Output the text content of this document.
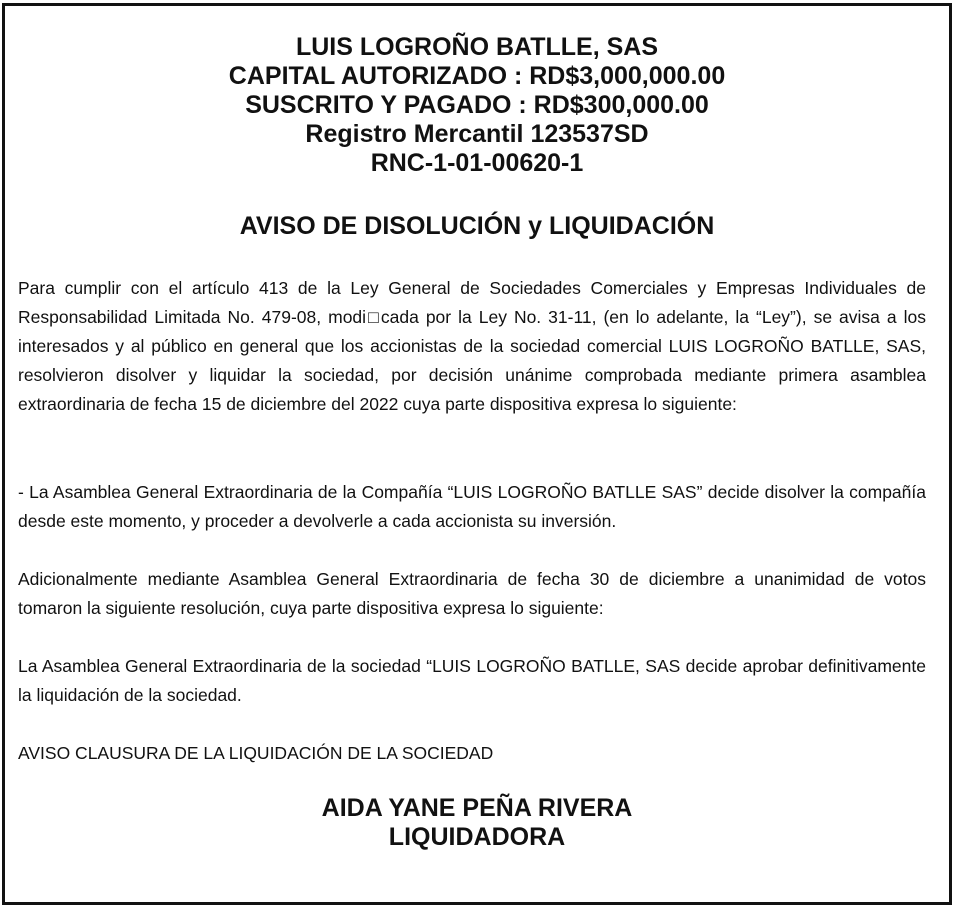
LUIS LOGROÑO BATLLE, SAS
CAPITAL AUTORIZADO : RD$3,000,000.00
SUSCRITO Y PAGADO : RD$300,000.00
Registro Mercantil 123537SD
RNC-1-01-00620-1
AVISO DE DISOLUCIÓN y LIQUIDACIÓN

Para cumplir con el artículo 413 de la Ley General de Sociedades Comerciales y Empresas Individuales de Responsabilidad Limitada No. 479-08, modi□cada por la Ley No. 31-11, (en lo adelante, la “Ley”), se avisa a los interesados y al público en general que los accionistas de la sociedad comercial LUIS LOGROÑO BATLLE, SAS, resolvieron disolver y liquidar la sociedad, por decisión unánime comprobada mediante primera asamblea extraordinaria de fecha 15 de diciembre del 2022 cuya parte dispositiva expresa lo siguiente:

- La Asamblea General Extraordinaria de la Compañía “LUIS LOGROÑO BATLLE SAS” decide disolver la compañía desde este momento, y proceder a devolverle a cada accionista su inversión.

Adicionalmente mediante Asamblea General Extraordinaria de fecha 30 de diciembre a unanimidad de votos tomaron la siguiente resolución, cuya parte dispositiva expresa lo siguiente:

La Asamblea General Extraordinaria de la sociedad “LUIS LOGROÑO BATLLE, SAS decide aprobar definitivamente la liquidación de la sociedad.

AVISO CLAUSURA DE LA LIQUIDACIÓN DE LA SOCIEDAD

AIDA YANE PEÑA RIVERA
LIQUIDADORA
